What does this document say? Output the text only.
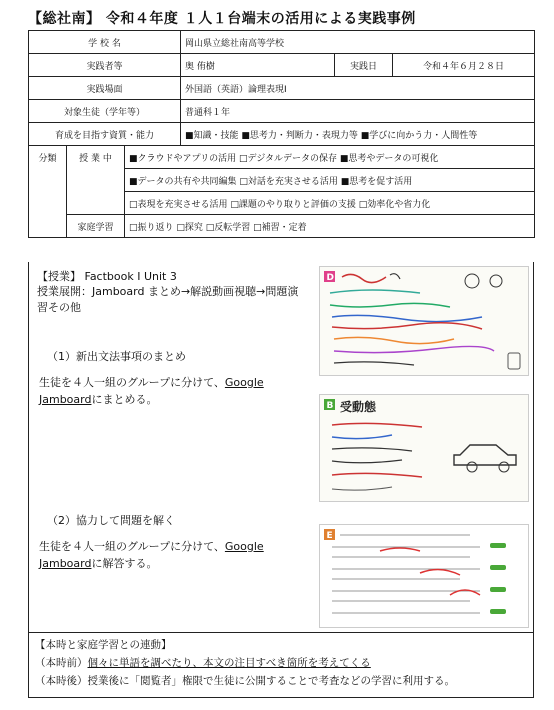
【総社南】 令和４年度 １人１台端末の活用による実践事例
学 校 名			岡山県立総社南高等学校		
実践者等			奥 侑樹	実践日	令和４年６月２８日
実践場面			外国語（英語）論理表現Ⅰ		
対象生徒（学年等）			普通科１年		
育成を目指す資質・能力			■知識・技能 ■思考力・判断力・表現力等 ■学びに向かう力・人間性等		
分類	授 業 中	■クラウドやアプリの活用 □デジタルデータの保存 ■思考やデータの可視化			
		■データの共有や共同編集 □対話を充実させる活用 ■思考を促す活用			
		□表現を充実させる活用 □課題のやり取りと評価の支援 □効率化や省力化			
	家庭学習	□振り返り □探究 □反転学習 □補習・定着			
【授業】 Factbook Ⅰ Unit 3
授業展開：Jamboard まとめ→解説動画視聴→問題演習その他
（1）新出文法事項のまとめ
生徒を４人一組のグループに分けて、Google Jamboardにまとめる。
（2）協力して問題を解く
生徒を４人一組のグループに分けて、Google Jamboardに解答する。
D
B 受動態
E
【本時と家庭学習との連動】
（本時前）個々に単語を調べたり、本文の注目すべき箇所を考えてくる
（本時後）授業後に「閲覧者」権限で生徒に公開することで考査などの学習に利用する。
